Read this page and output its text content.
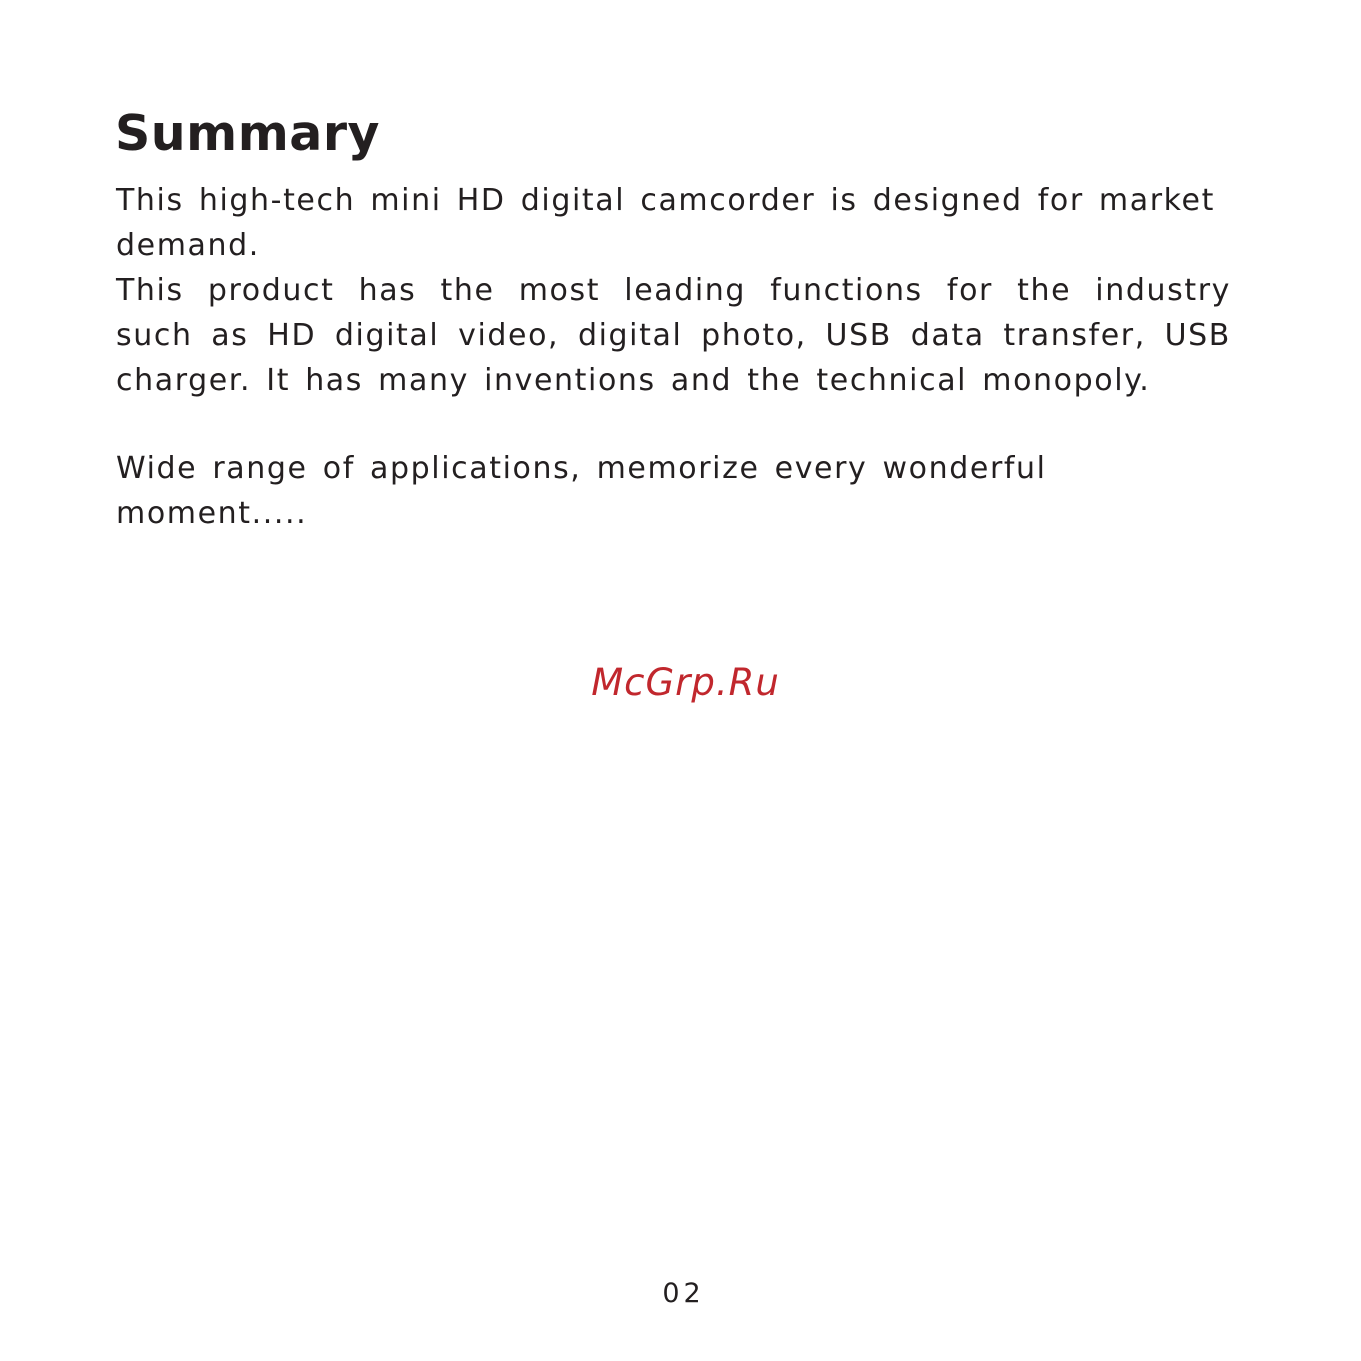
Summary

This high-tech mini HD digital camcorder is designed for market demand.

This product has the most leading functions for the industry such as HD digital video, digital photo, USB data transfer, USB charger. It has many inventions and the technical monopoly.

Wide range of applications, memorize every wonderful moment.....

McGrp.Ru
02
